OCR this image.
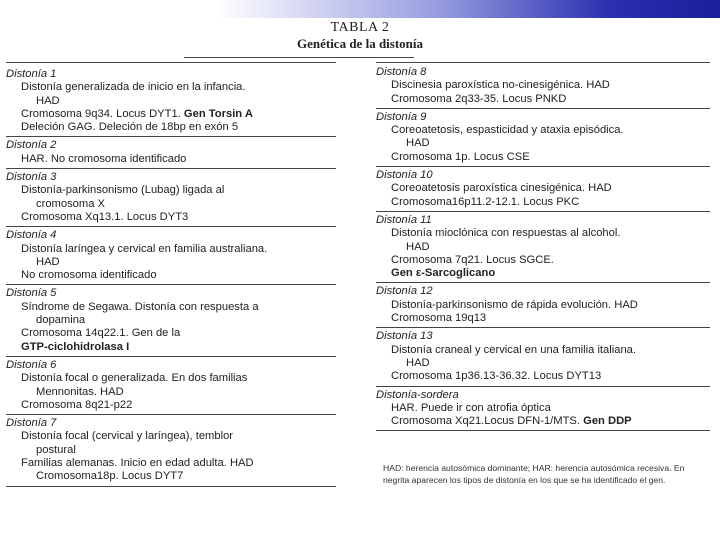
TABLA 2
Genética de la distonía
Distonía 1
Distonía generalizada de inicio en la infancia.
HAD
Cromosoma 9q34. Locus DYT1. Gen Torsin A
Deleción GAG. Deleción de 18bp en exón 5
Distonía 2
HAR. No cromosoma identificado
Distonía 3
Distonía-parkinsonismo (Lubag) ligada al
cromosoma X
Cromosoma Xq13.1. Locus DYT3
Distonía 4
Distonía laríngea y cervical en familia australiana.
HAD
No cromosoma identificado
Distonía 5
Síndrome de Segawa. Distonía con respuesta a
dopamina
Cromosoma 14q22.1. Gen de la
GTP-ciclohidrolasa I
Distonía 6
Distonía focal o generalizada. En dos familias
Mennonitas. HAD
Cromosoma 8q21-p22
Distonía 7
Distonía focal (cervical y laríngea), temblor
postural
Familias alemanas. Inicio en edad adulta. HAD
Cromosoma18p. Locus DYT7
Distonía 8
Discinesia paroxística no-cinesigénica. HAD
Cromosoma 2q33-35. Locus PNKD
Distonía 9
Coreoatetosis, espasticidad y ataxia episódica.
HAD
Cromosoma 1p. Locus CSE
Distonía 10
Coreoatetosis paroxística cinesigénica. HAD
Cromosoma16p11.2-12.1. Locus PKC
Distonía 11
Distonía mioclónica con respuestas al alcohol.
HAD
Cromosoma 7q21. Locus SGCE.
Gen ε-Sarcoglicano
Distonía 12
Distonía-parkinsonismo de rápida evolución. HAD
Cromosoma 19q13
Distonía 13
Distonía craneal y cervical en una familia italiana.
HAD
Cromosoma 1p36.13-36.32. Locus DYT13
Distonía-sordera
HAR. Puede ir con atrofia óptica
Cromosoma Xq21.Locus DFN-1/MTS. Gen DDP
HAD: herencia autosómica dominante; HAR: herencia autosómica recesiva. En negrita aparecen los tipos de distonía en los que se ha identificado el gen.
